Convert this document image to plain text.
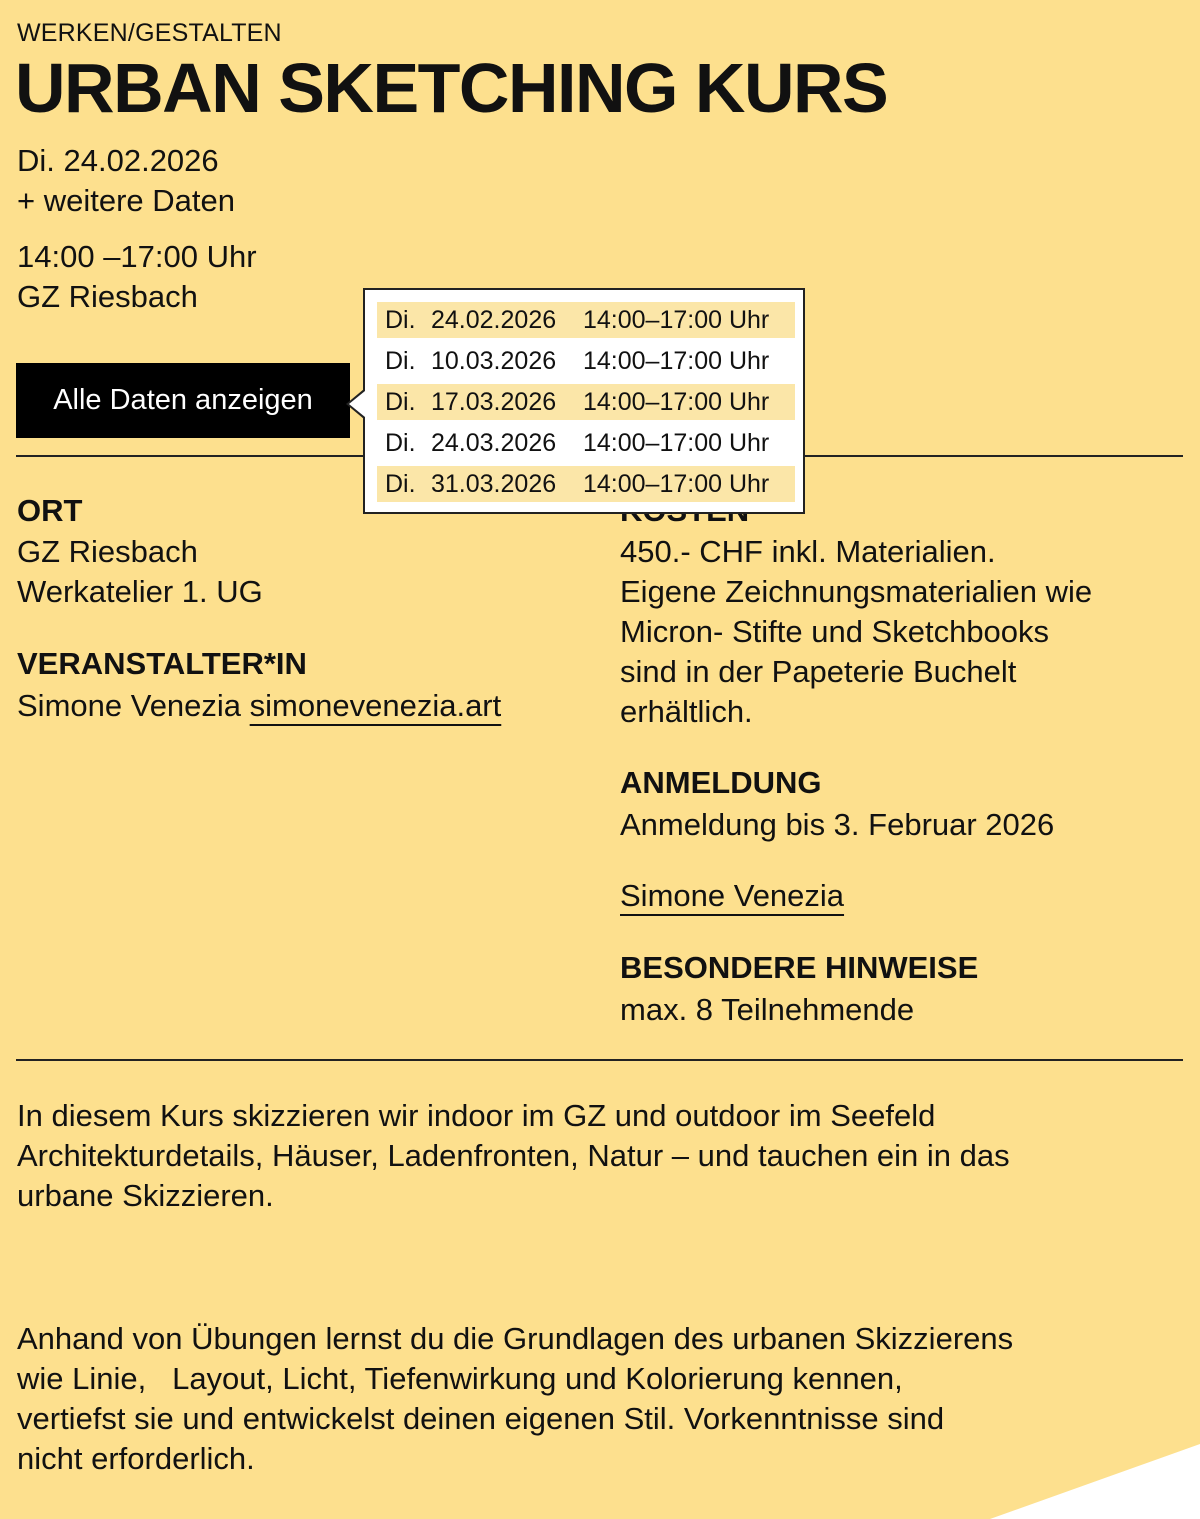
WERKEN/GESTALTEN
URBAN SKETCHING KURS
Di. 24.02.2026
+ weitere Daten
14:00 –17:00 Uhr
GZ Riesbach
Alle Daten anzeigen
ORT
GZ Riesbach
Werkatelier 1. UG
VERANSTALTER*IN
Simone Venezia simonevenezia.art
450.- CHF inkl. Materialien.
Eigene Zeichnungsmaterialien wie
Micron- Stifte und Sketchbooks
sind in der Papeterie Buchelt
erhältlich.
ANMELDUNG
Anmeldung bis 3. Februar 2026
Simone Venezia
BESONDERE HINWEISE
max. 8 Teilnehmende
In diesem Kurs skizzieren wir indoor im GZ und outdoor im Seefeld
Architekturdetails, Häuser, Ladenfronten, Natur – und tauchen ein in das
urbane Skizzieren.
Anhand von Übungen lernst du die Grundlagen des urbanen Skizzierens
wie Linie,   Layout, Licht, Tiefenwirkung und Kolorierung kennen,
vertiefst sie und entwickelst deinen eigenen Stil. Vorkenntnisse sind
nicht erforderlich.
Di. 24.02.2026 14:00–17:00 Uhr
Di. 10.03.2026 14:00–17:00 Uhr
Di. 17.03.2026 14:00–17:00 Uhr
Di. 24.03.2026 14:00–17:00 Uhr
Di. 31.03.2026 14:00–17:00 Uhr
